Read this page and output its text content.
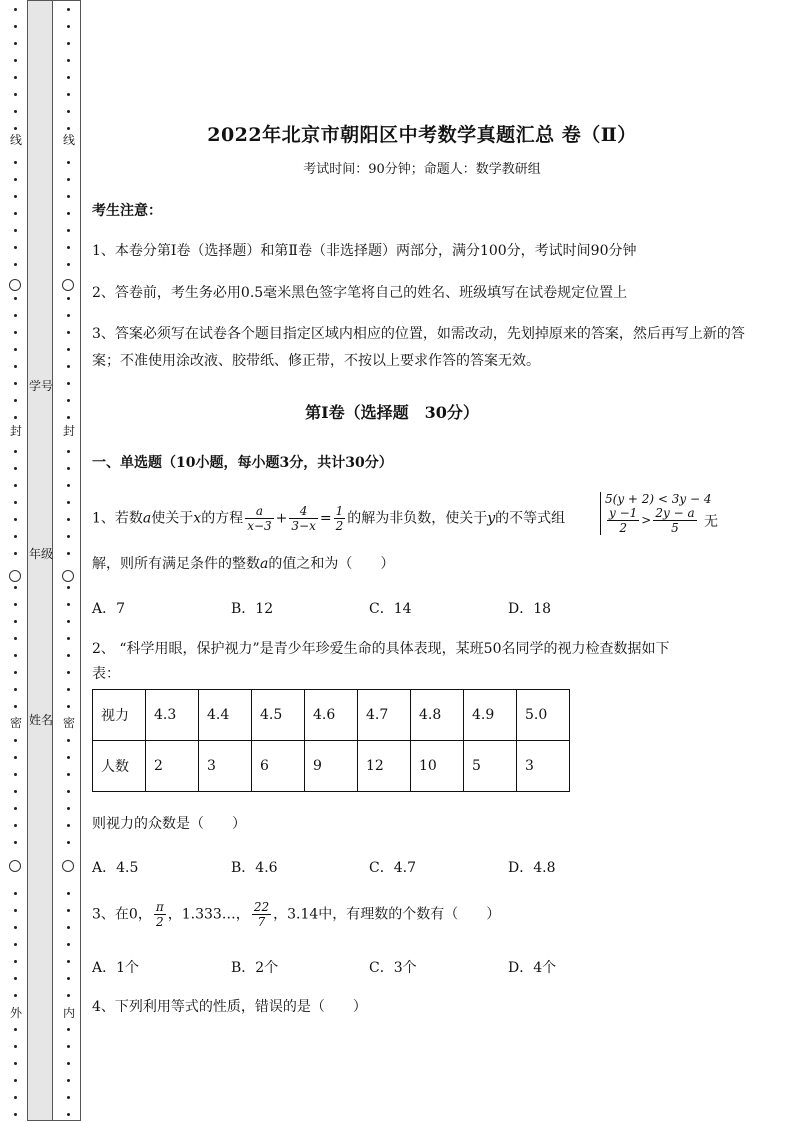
线
封
密
外
学号
年级
姓名
线
封
密
内
2022年北京市朝阳区中考数学真题汇总 卷（Ⅱ）
考试时间：90分钟；命题人：数学教研组
考生注意：
1、本卷分第I卷（选择题）和第Ⅱ卷（非选择题）两部分，满分100分，考试时间90分钟
2、答卷前，考生务必用0.5毫米黑色签字笔将自己的姓名、班级填写在试卷规定位置上
3、答案必须写在试卷各个题目指定区域内相应的位置，如需改动，先划掉原来的答案，然后再写上新的答案；不准使用涂改液、胶带纸、修正带，不按以上要求作答的答案无效。
第I卷（选择题　30分）
一、单选题（10小题，每小题3分，共计30分）
1、若数a使关于x的方程 $\frac{a}{x-3} + \frac{4}{3-x} = \frac{1}{2}$ 的解为非负数，使关于y的不等式组
5(y + 2) < 3y − 4
$\frac{y -1}{2} > \frac{2y - a}{5}$ 无
解，则所有满足条件的整数a的值之和为（　　）
A．7	B．12	C．14	D．18
2、 “科学用眼，保护视力”是青少年珍爱生命的具体表现，某班50名同学的视力检查数据如下
表：
视力	4.3	4.4	4.5	4.6	4.7	4.8	4.9	5.0
人数	2	3	6	9	12	10	5	3
则视力的众数是（　　）
A．4.5	B．4.6	C．4.7	D．4.8
3、在0， $\frac{\pi}{2}$ ，1.333…， $\frac{22}{7}$ ，3.14中，有理数的个数有（　　）
A．1个	B．2个	C．3个	D．4个
4、下列利用等式的性质，错误的是（　　）
